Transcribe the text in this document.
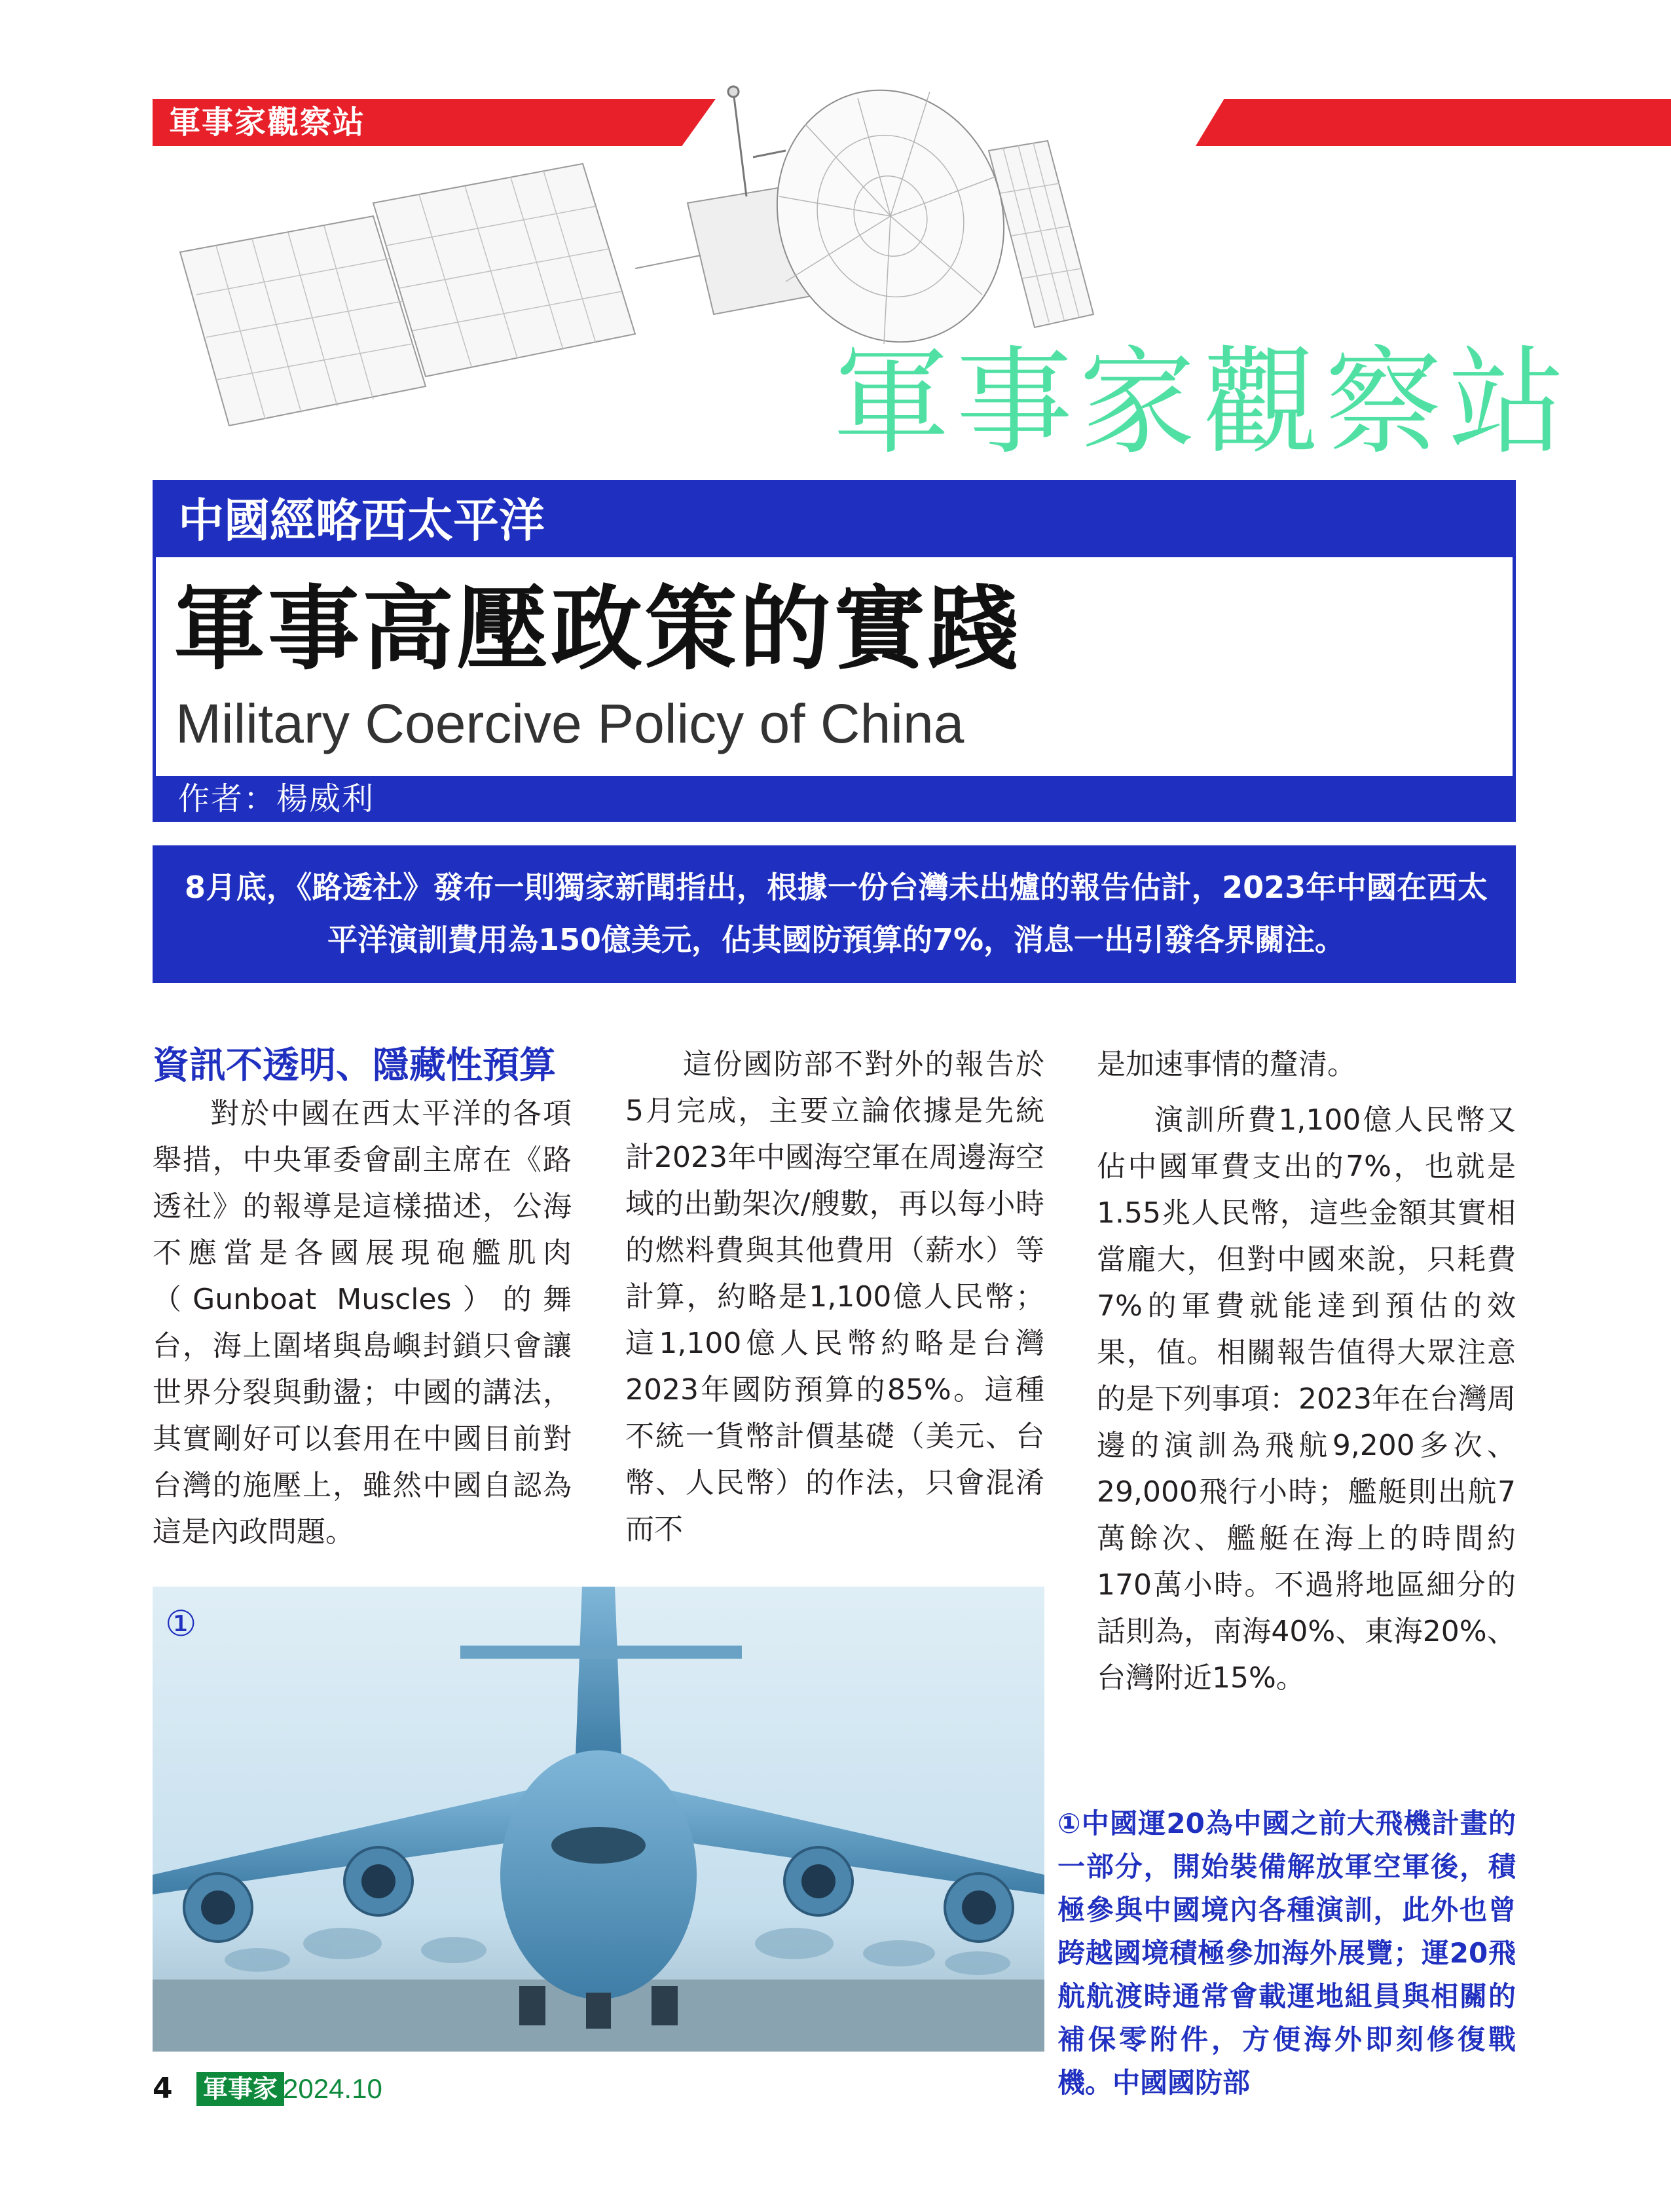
軍事家觀察站
軍事家觀察站
中國經略西太平洋
軍事高壓政策的實踐
Military Coercive Policy of China
作者：楊威利
8月底，《路透社》發布一則獨家新聞指出，根據一份台灣未出爐的報告估計，2023年中國在西太平洋演訓費用為150億美元，佔其國防預算的7%，消息一出引發各界關注。
資訊不透明、隱藏性預算

對於中國在西太平洋的各項舉措，中央軍委會副主席在《路透社》的報導是這樣描述，公海不應當是各國展現砲艦肌肉（Gunboat Muscles）的舞台，海上圍堵與島嶼封鎖只會讓世界分裂與動盪；中國的講法，其實剛好可以套用在中國目前對台灣的施壓上，雖然中國自認為這是內政問題。

這份國防部不對外的報告於5月完成，主要立論依據是先統計2023年中國海空軍在周邊海空域的出勤架次/艘數，再以每小時的燃料費與其他費用（薪水）等計算，約略是1,100億人民幣；這1,100億人民幣約略是台灣2023年國防預算的85%。這種不統一貨幣計價基礎（美元、台幣、人民幣）的作法，只會混淆而不

是加速事情的釐清。

演訓所費1,100億人民幣又佔中國軍費支出的7%，也就是1.55兆人民幣，這些金額其實相當龐大，但對中國來說，只耗費7%的軍費就能達到預估的效果，值。相關報告值得大眾注意的是下列事項：2023年在台灣周邊的演訓為飛航9,200多次、29,000飛行小時；艦艇則出航7萬餘次、艦艇在海上的時間約170萬小時。不過將地區細分的話則為，南海40%、東海20%、台灣附近15%。

①
①中國運20為中國之前大飛機計畫的一部分，開始裝備解放軍空軍後，積極參與中國境內各種演訓，此外也曾跨越國境積極參加海外展覽；運20飛航航渡時通常會載運地組員與相關的補保零附件，方便海外即刻修復戰機。中國國防部
4 軍事家 2024.10
